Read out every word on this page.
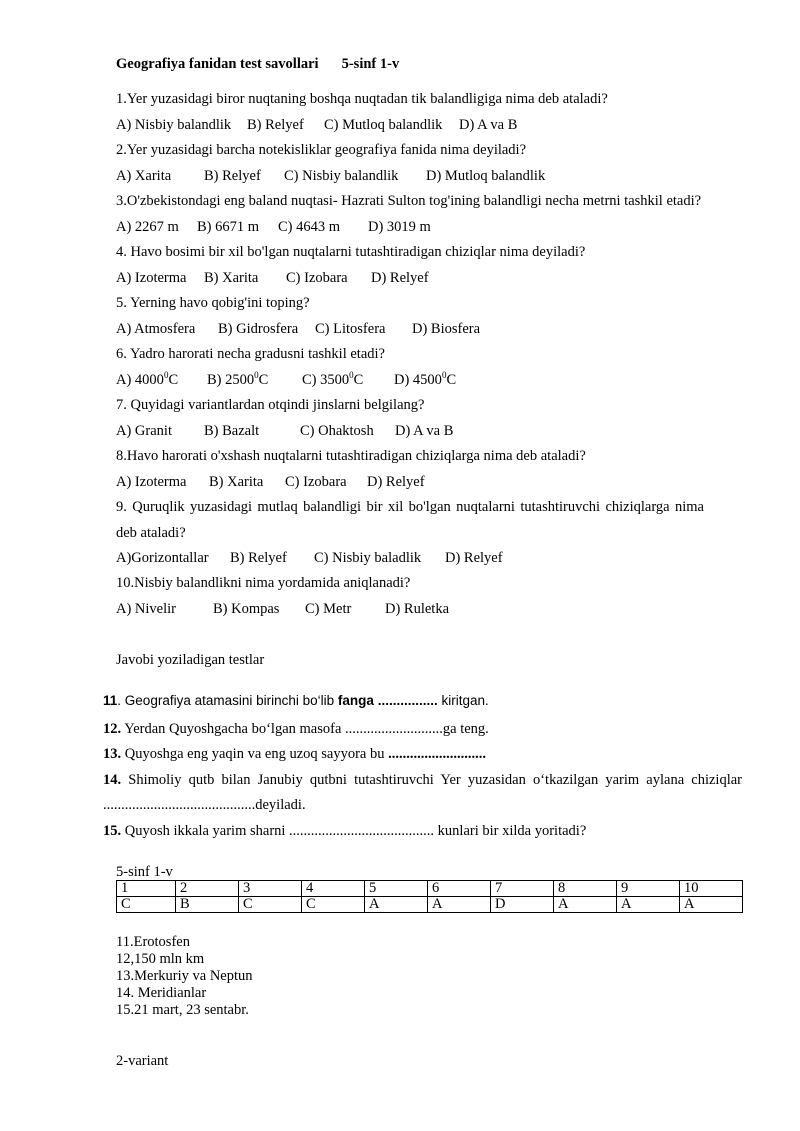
Geografiya fanidan test savollari 5-sinf 1-v
1.Yer yuzasidagi biror nuqtaning boshqa nuqtadan tik balandligiga nima deb ataladi?
A) Nisbiy balandlik B) Relyef C) Mutloq balandlik D) A va B
2.Yer yuzasidagi barcha notekisliklar geografiya fanida nima deyiladi?
A) Xarita B) Relyef C) Nisbiy balandlik D) Mutloq balandlik
3.O'zbekistondagi eng baland nuqtasi- Hazrati Sulton tog'ining balandligi necha metrni tashkil etadi?
A) 2267 m B) 6671 m C) 4643 m D) 3019 m
4. Havo bosimi bir xil bo'lgan nuqtalarni tutashtiradigan chiziqlar nima deyiladi?
A) Izoterma B) Xarita C) Izobara D) Relyef
5. Yerning havo qobig'ini toping?
A) Atmosfera B) Gidrosfera C) Litosfera D) Biosfera
6. Yadro harorati necha gradusni tashkil etadi?
A) 4000$^0$C B) 2500$^0$C C) 3500$^0$C D) 4500$^0$C
7. Quyidagi variantlardan otqindi jinslarni belgilang?
A) Granit B) Bazalt	C) Ohaktosh D) A va B
8.Havo harorati o'xshash nuqtalarni tutashtiradigan chiziqlarga nima deb ataladi?
A) Izoterma B) Xarita C) Izobara D) Relyef
9. Quruqlik yuzasidagi mutlaq balandligi bir xil bo'lgan nuqtalarni tutashtiruvchi chiziqlarga nima
deb ataladi?
A)Gorizontallar B) Relyef C) Nisbiy baladlik D) Relyef
10.Nisbiy balandlikni nima yordamida aniqlanadi?
A) Nivelir	B) Kompas C) Metr D) Ruletka
Javobi yoziladigan testlar
11. Geografiya atamasini birinchi bo‘lib fanga ................ kiritgan.
12. Yerdan Quyoshgacha bo‘lgan masofa ...........................ga teng.
13. Quyoshga eng yaqin va eng uzoq sayyora bu ...........................
14. Shimoliy qutb bilan Janubiy qutbni tutashtiruvchi Yer yuzasidan o‘tkazilgan yarim aylana chiziqlar
..........................................deyiladi.
15. Quyosh ikkala yarim sharni ........................................ kunlari bir xilda yoritadi?
5-sinf 1-v
1	2	3	4	5	6	7	8	9	10
C	B	C	C	A	A	D	A	A	A
11.Erotosfen
12,150 mln km
13.Merkuriy va Neptun
14. Meridianlar
15.21 mart, 23 sentabr.
2-variant
